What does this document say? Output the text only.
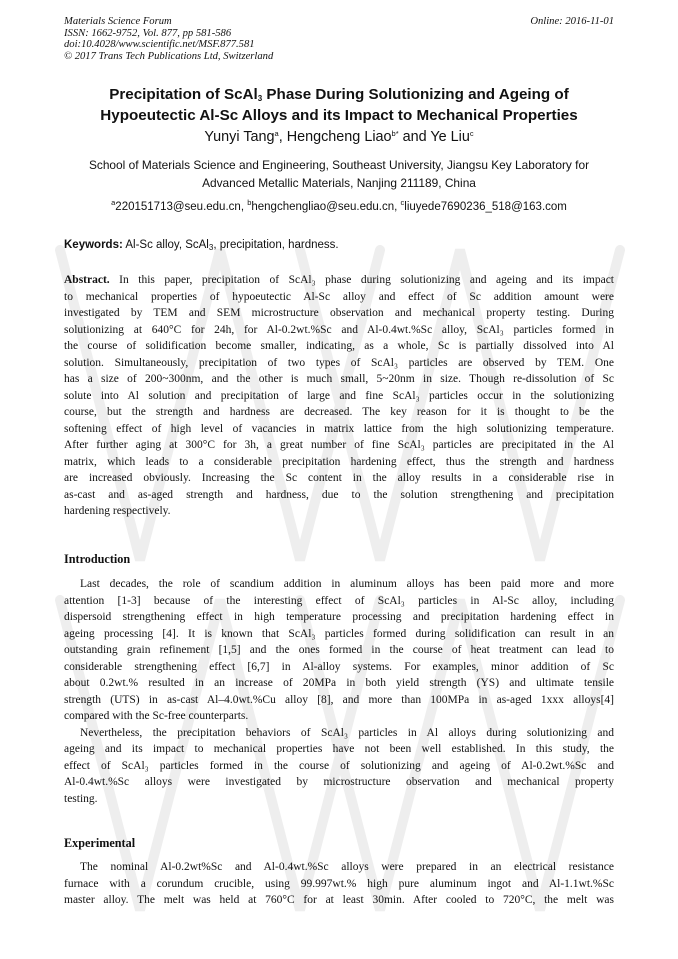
Materials Science Forum
ISSN: 1662-9752, Vol. 877, pp 581-586
doi:10.4028/www.scientific.net/MSF.877.581
© 2017 Trans Tech Publications Ltd, Switzerland
Online: 2016-11-01
Precipitation of ScAl$_3$ Phase During Solutionizing and Ageing of
Hypoeutectic Al-Sc Alloys and its Impact to Mechanical Properties
Yunyi Tang$^a$, Hengcheng Liao$^{b*}$ and Ye Liu$^c$
School of Materials Science and Engineering, Southeast University, Jiangsu Key Laboratory for
Advanced Metallic Materials, Nanjing 211189, China
$^a$220151713@seu.edu.cn, $^b$hengchengliao@seu.edu.cn, $^c$liuyede7690236_518@163.com
Keywords: Al-Sc alloy, ScAl$_3$, precipitation, hardness.
Abstract. In this paper, precipitation of ScAl₃ phase during solutionizing and ageing and its impact
to mechanical properties of hypoeutectic Al-Sc alloy and effect of Sc addition amount were
investigated by TEM and SEM microstructure observation and mechanical property testing. During
solutionizing at 640°C for 24h, for Al-0.2wt.%Sc and Al-0.4wt.%Sc alloy, ScAl₃ particles formed in
the course of solidification become smaller, indicating, as a whole, Sc is partially dissolved into Al
solution. Simultaneously, precipitation of two types of ScAl₃ particles are observed by TEM. One
has a size of 200~300nm, and the other is much small, 5~20nm in size. Though re-dissolution of Sc
solute into Al solution and precipitation of large and fine ScAl₃ particles occur in the solutionizing
course, but the strength and hardness are decreased. The key reason for it is thought to be the
softening effect of high level of vacancies in matrix lattice from the high solutionizing temperature.
After further aging at 300°C for 3h, a great number of fine ScAl₃ particles are precipitated in the Al
matrix, which leads to a considerable precipitation hardening effect, thus the strength and hardness
are increased obviously. Increasing the Sc content in the alloy results in a considerable rise in
as-cast and as-aged strength and hardness, due to the solution strengthening and precipitation
hardening respectively.
Introduction
Last decades, the role of scandium addition in aluminum alloys has been paid more and more
attention [1-3] because of the interesting effect of ScAl₃ particles in Al-Sc alloy, including
dispersoid strengthening effect in high temperature processing and precipitation hardening effect in
ageing processing [4]. It is known that ScAl₃ particles formed during solidification can result in an
outstanding grain refinement [1,5] and the ones formed in the course of heat treatment can lead to
considerable strengthening effect [6,7] in Al-alloy systems. For examples, minor addition of Sc
about 0.2wt.% resulted in an increase of 20MPa in both yield strength (YS) and ultimate tensile
strength (UTS) in as-cast Al–4.0wt.%Cu alloy [8], and more than 100MPa in as-aged 1xxx alloys[4]
compared with the Sc-free counterparts.
Nevertheless, the precipitation behaviors of ScAl₃ particles in Al alloys during solutionizing and
ageing and its impact to mechanical properties have not been well established. In this study, the
effect of ScAl₃ particles formed in the course of solutionizing and ageing of Al-0.2wt.%Sc and
Al-0.4wt.%Sc alloys were investigated by microstructure observation and mechanical property
testing.
Experimental
The nominal Al-0.2wt%Sc and Al-0.4wt.%Sc alloys were prepared in an electrical resistance
furnace with a corundum crucible, using 99.997wt.% high pure aluminum ingot and Al-1.1wt.%Sc
master alloy. The melt was held at 760°C for at least 30min. After cooled to 720°C, the melt was
